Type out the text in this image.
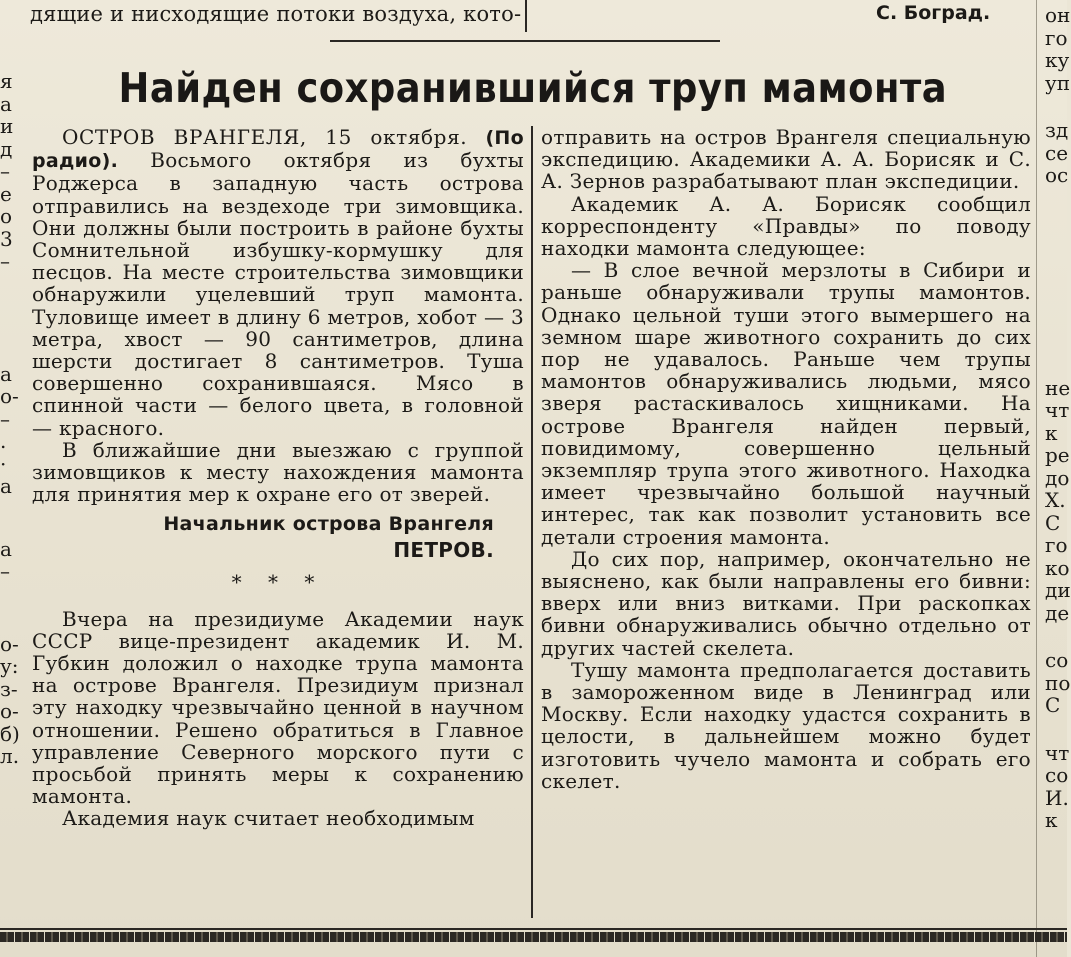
дящие и нисходящие потоки воздуха, кото-	С. Боград.
Найден сохранившийся труп мамонта

ОСТРОВ ВРАНГЕЛЯ, 15 октября. (По радио). Восьмого октября из бухты Роджерса в западную часть острова отправились на вездеходе три зимовщика. Они должны были построить в районе бухты Сомнительной избушку-кормушку для песцов. На месте строительства зимовщики обнаружили уцелевший труп мамонта. Туловище имеет в длину 6 метров, хобот — 3 метра, хвост — 90 сантиметров, длина шерсти достигает 8 сантиметров. Туша совершенно сохранившаяся. Мясо в спинной части — белого цвета, в головной — красного.

В ближайшие дни выезжаю с группой зимовщиков к месту нахождения мамонта для принятия мер к охране его от зверей.

Начальник острова Врангеля
ПЕТРОВ.
* * *

Вчера на президиуме Академии наук СССР вице-президент академик И. М. Губкин доложил о находке трупа мамонта на острове Врангеля. Президиум признал эту находку чрезвычайно ценной в научном отношении. Решено обратиться в Главное управление Северного морского пути с просьбой принять меры к сохранению мамонта.

Академия наук считает необходимым

отправить на остров Врангеля специальную экспедицию. Академики А. А. Борисяк и С. А. Зернов разрабатывают план экспедиции.

Академик А. А. Борисяк сообщил корреспонденту «Правды» по поводу находки мамонта следующее:

— В слое вечной мерзлоты в Сибири и раньше обнаруживали трупы мамонтов. Однако цельной туши этого вымершего на земном шаре животного сохранить до сих пор не удавалось. Раньше чем трупы мамонтов обнаруживались людьми, мясо зверя растаскивалось хищниками. На острове Врангеля найден первый, повидимому, совершенно цельный экземпляр трупа этого животного. Находка имеет чрезвычайно большой научный интерес, так как позволит установить все детали строения мамонта.

До сих пор, например, окончательно не выяснено, как были направлены его бивни: вверх или вниз витками. При раскопках бивни обнаруживались обычно отдельно от других частей скелета.

Тушу мамонта предполагается доставить в замороженном виде в Ленинград или Москву. Если находку удастся сохранить в целости, в дальнейшем можно будет изготовить чучело мамонта и собрать его скелет.

я
а
и
д
–
е
о
3
–
а
о-
–
.
·
а
а
–
о-
у:
з-
о-
б)
л.
он
го
ку
уп
зд
се
ос
не
чт
к
ре
до
Х.
С
го
ко
ди
де
со
по
С
чт
со
И.
к
